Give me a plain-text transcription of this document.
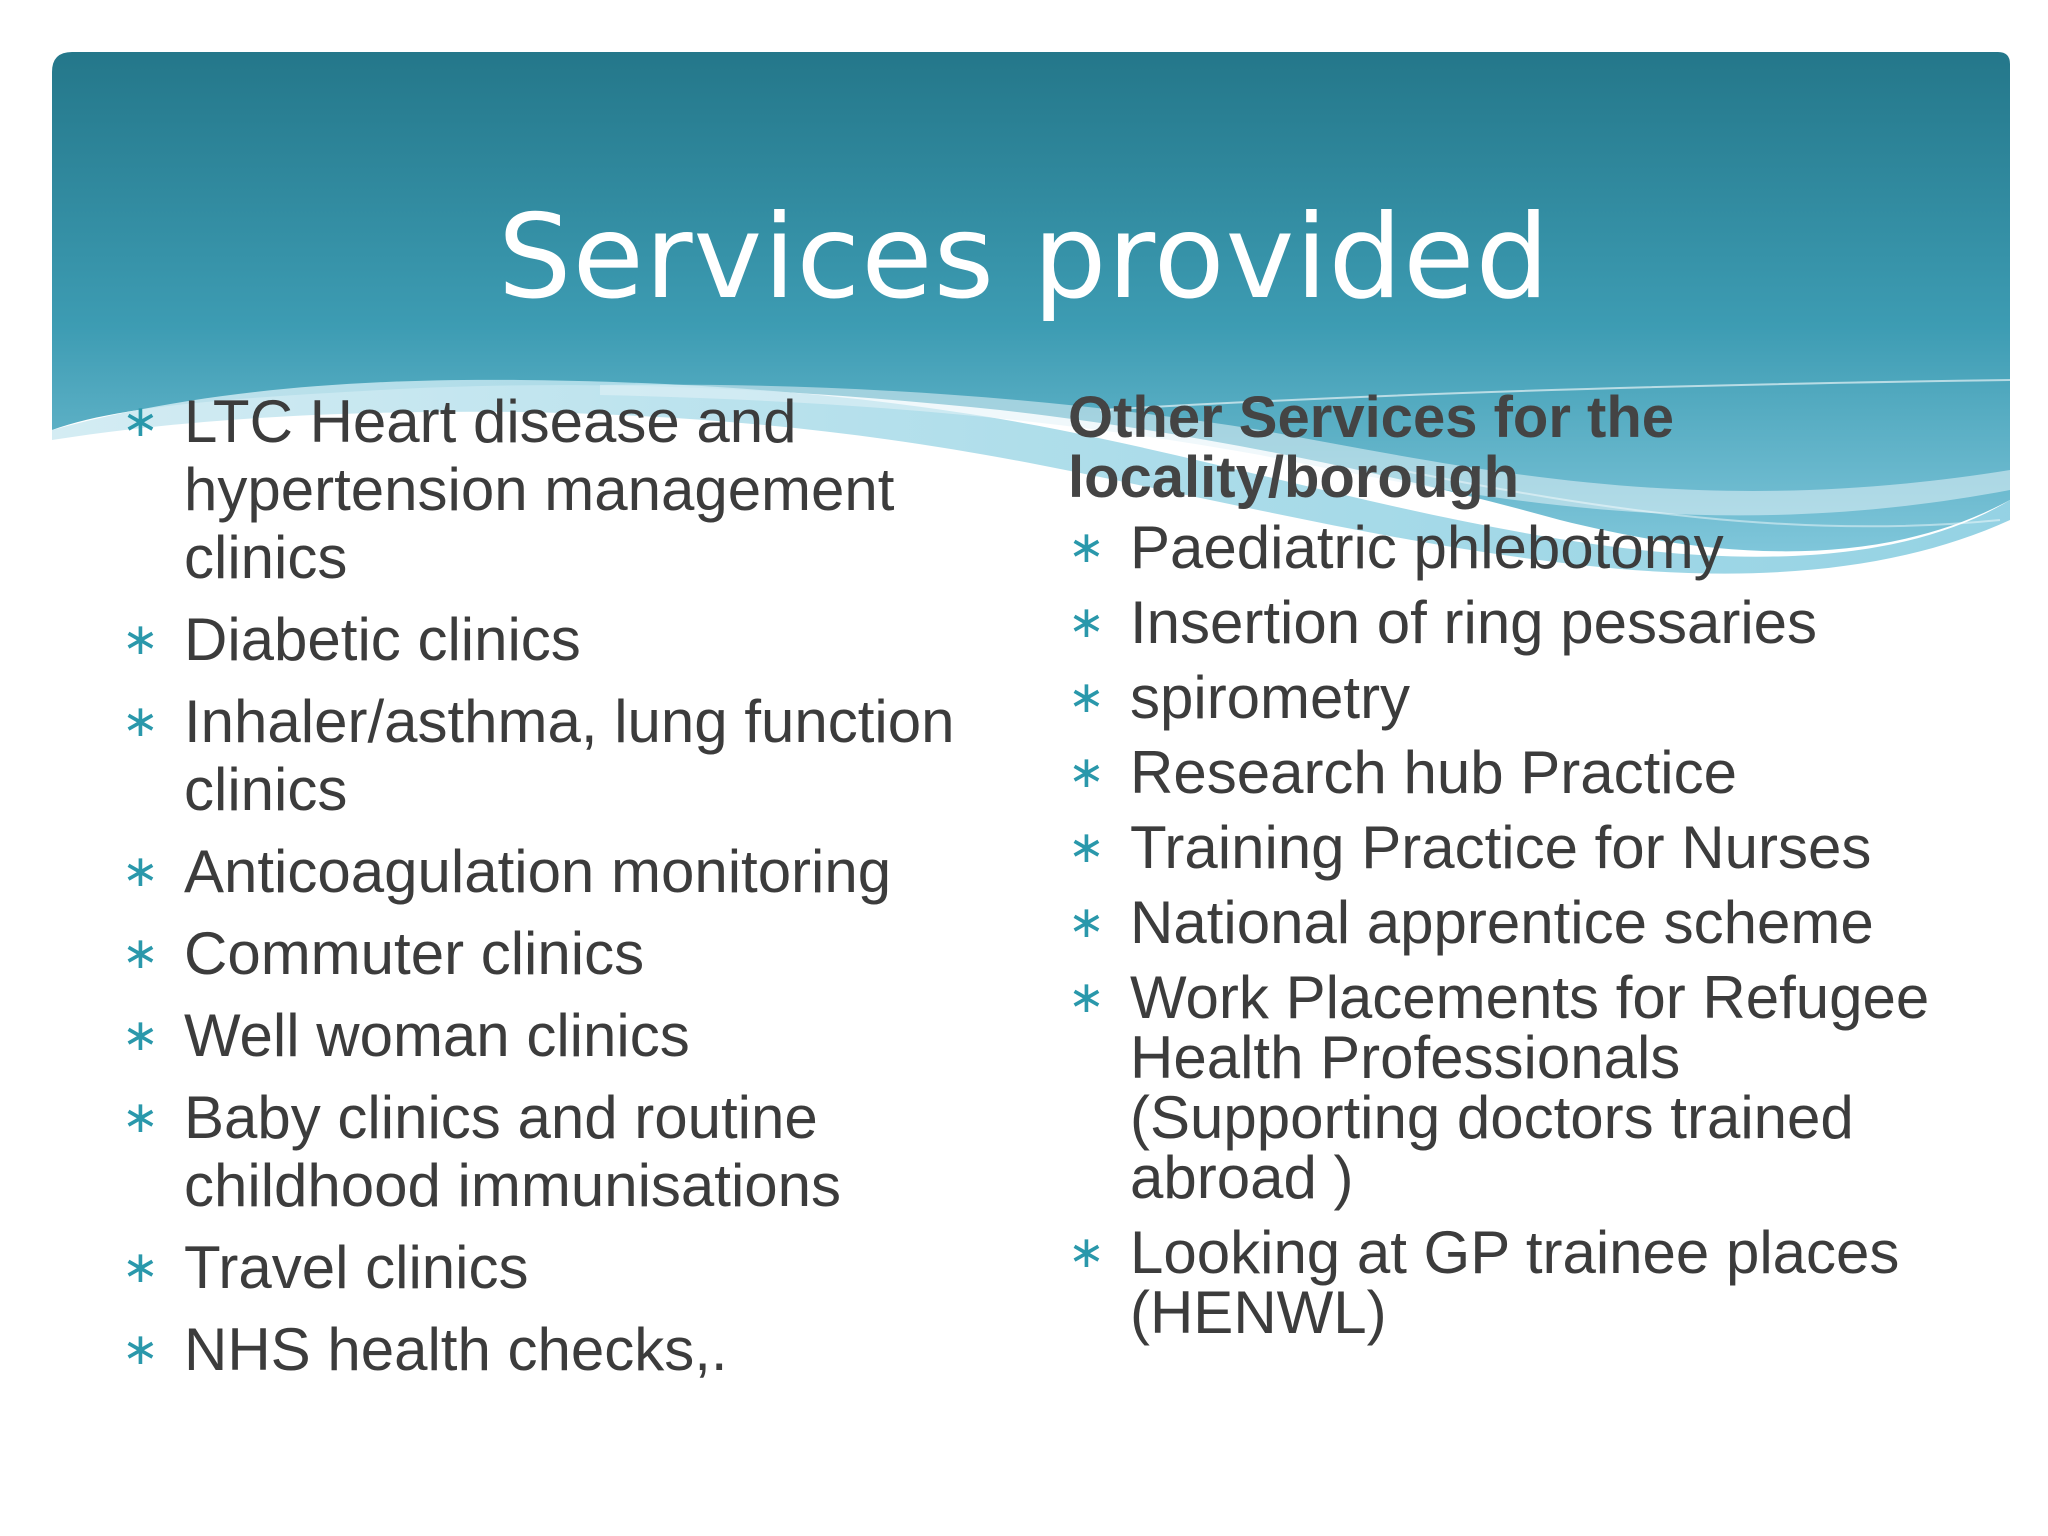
Services provided
∗ LTC Heart disease and hypertension management clinics
∗ Diabetic clinics
∗ Inhaler/asthma, lung function clinics
∗ Anticoagulation monitoring
∗ Commuter clinics
∗ Well woman clinics
∗ Baby clinics and routine childhood immunisations
∗ Travel clinics
∗ NHS health checks,.

Other Services for the locality/borough

∗ Paediatric phlebotomy
∗ Insertion of ring pessaries
∗ spirometry
∗ Research hub Practice
∗ Training Practice for Nurses
∗ National apprentice scheme
∗ Work Placements for Refugee Health Professionals (Supporting doctors trained abroad )
∗ Looking at GP trainee places (HENWL)
